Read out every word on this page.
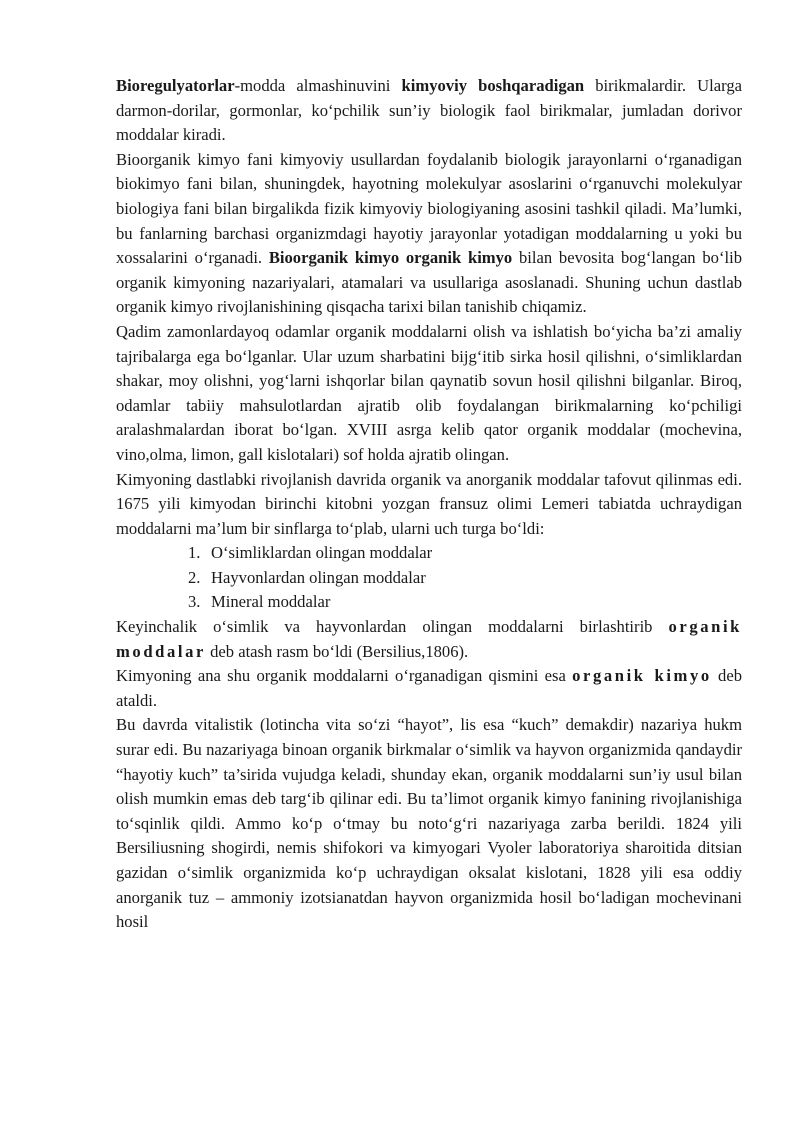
Bioregulyatorlar-modda almashinuvini kimyoviy boshqaradigan birikmalardir. Ularga darmon-dorilar, gormonlar, ko‘pchilik sun’iy biologik faol birikmalar, jumladan dorivor moddalar kiradi.

Bioorganik kimyo fani kimyoviy usullardan foydalanib biologik jarayonlarni o‘rganadigan biokimyo fani bilan, shuningdek, hayotning molekulyar asoslarini o‘rganuvchi molekulyar biologiya fani bilan birgalikda fizik kimyoviy biologiyaning asosini tashkil qiladi. Ma’lumki, bu fanlarning barchasi organizmdagi hayotiy jarayonlar yotadigan moddalarning u yoki bu xossalarini o‘rganadi. Bioorganik kimyo organik kimyo bilan bevosita bog‘langan bo‘lib organik kimyoning nazariyalari, atamalari va usullariga asoslanadi. Shuning uchun dastlab organik kimyo rivojlanishining qisqacha tarixi bilan tanishib chiqamiz.

Qadim zamonlardayoq odamlar organik moddalarni olish va ishlatish bo‘yicha ba’zi amaliy tajribalarga ega bo‘lganlar. Ular uzum sharbatini bijg‘itib sirka hosil qilishni, o‘simliklardan shakar, moy olishni, yog‘larni ishqorlar bilan qaynatib sovun hosil qilishni bilganlar. Biroq, odamlar tabiiy mahsulotlardan ajratib olib foydalangan birikmalarning ko‘pchiligi aralashmalardan iborat bo‘lgan. XVIII asrga kelib qator organik moddalar (mochevina, vino,olma, limon, gall kislotalari) sof holda ajratib olingan.

Kimyoning dastlabki rivojlanish davrida organik va anorganik moddalar tafovut qilinmas edi. 1675 yili kimyodan birinchi kitobni yozgan fransuz olimi Lemeri tabiatda uchraydigan moddalarni ma’lum bir sinflarga to‘plab, ularni uch turga bo‘ldi:

1. O‘simliklardan olingan moddalar
2. Hayvonlardan olingan moddalar
3. Mineral moddalar

Keyinchalik o‘simlik va hayvonlardan olingan moddalarni birlashtirib organik moddalar deb atash rasm bo‘ldi (Bersilius,1806).

Kimyoning ana shu organik moddalarni o‘rganadigan qismini esa organik kimyo deb ataldi.

Bu davrda vitalistik (lotincha vita so‘zi “hayot”, lis esa “kuch” demakdir) nazariya hukm surar edi. Bu nazariyaga binoan organik birkmalar o‘simlik va hayvon organizmida qandaydir “hayotiy kuch” ta’sirida vujudga keladi, shunday ekan, organik moddalarni sun’iy usul bilan olish mumkin emas deb targ‘ib qilinar edi. Bu ta’limot organik kimyo fanining rivojlanishiga to‘sqinlik qildi. Ammo ko‘p o‘tmay bu noto‘g‘ri nazariyaga zarba berildi. 1824 yili Bersiliusning shogirdi, nemis shifokori va kimyogari Vyoler laboratoriya sharoitida ditsian gazidan o‘simlik organizmida ko‘p uchraydigan oksalat kislotani, 1828 yili esa oddiy anorganik tuz – ammoniy izotsianatdan hayvon organizmida hosil bo‘ladigan mochevinani hosil
